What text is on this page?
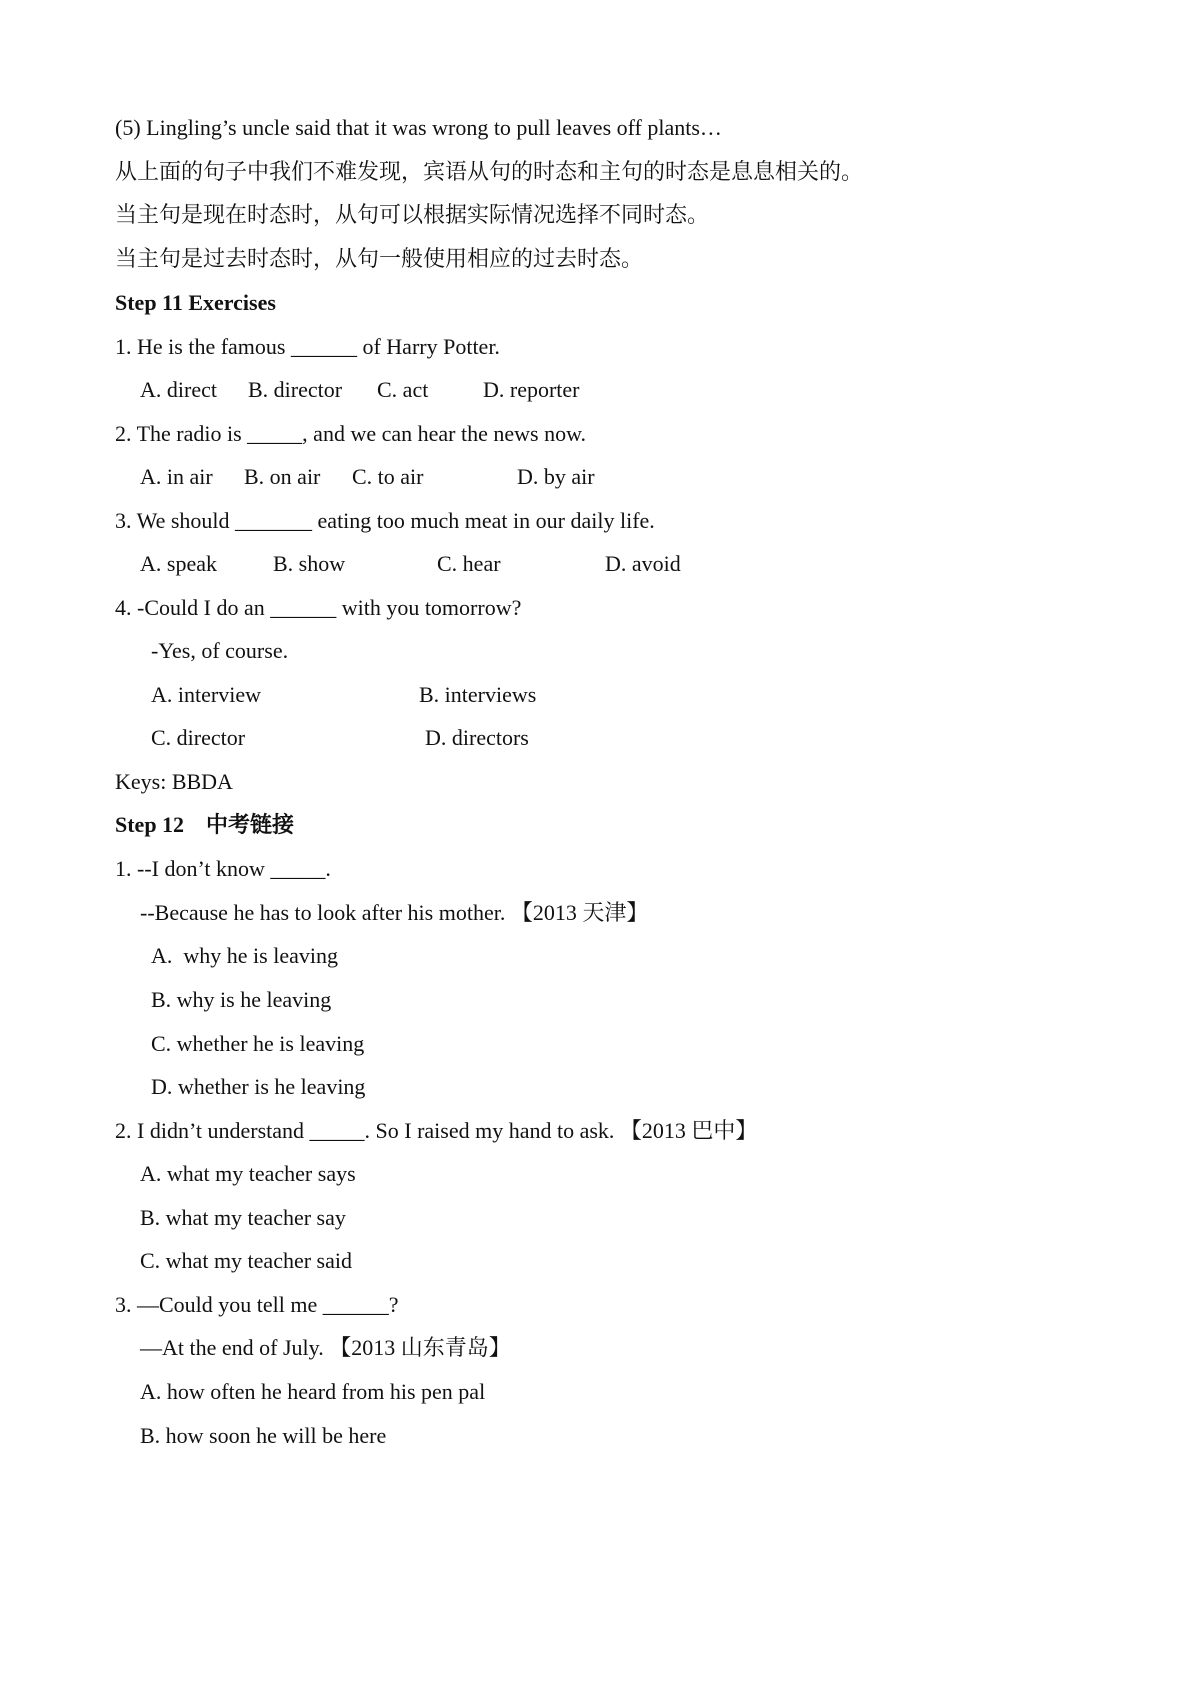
(5) Lingling’s uncle said that it was wrong to pull leaves off plants…
从上面的句子中我们不难发现，宾语从句的时态和主句的时态是息息相关的。
当主句是现在时态时，从句可以根据实际情况选择不同时态。
当主句是过去时态时，从句一般使用相应的过去时态。
Step 11 Exercises
1. He is the famous ______ of Harry Potter.
A. direct B. director C. act D. reporter
2. The radio is _____, and we can hear the news now.
A. in air B. on air C. to air	D. by air
3. We should _______ eating too much meat in our daily life.
A. speak	B. show	C. hear	D. avoid
4. -Could I do an ______ with you tomorrow?
-Yes, of course.
A. interview	B. interviews
C. director	D. directors
Keys: BBDA
Step 12　中考链接
1. --I don’t know _____.
--Because he has to look after his mother. 【2013 天津】
A.  why he is leaving
B. why is he leaving
C. whether he is leaving
D. whether is he leaving
2. I didn’t understand _____. So I raised my hand to ask. 【2013 巴中】
A. what my teacher says
B. what my teacher say
C. what my teacher said
3. —Could you tell me ______?
—At the end of July. 【2013 山东青岛】
A. how often he heard from his pen pal
B. how soon he will be here
